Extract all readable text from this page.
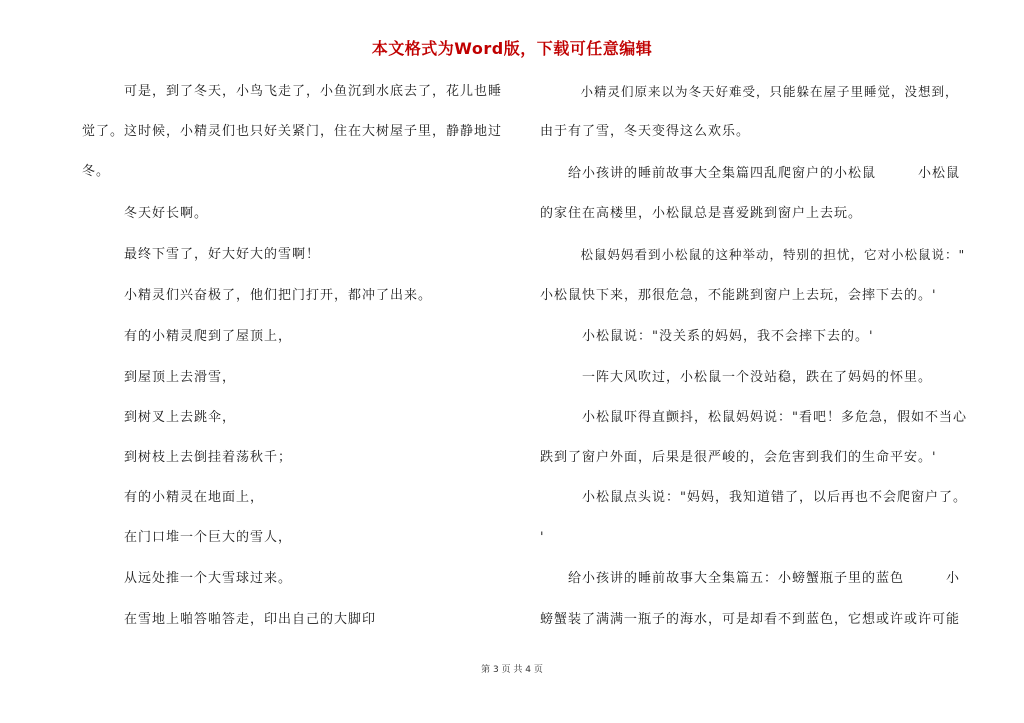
本文格式为Word版，下载可任意编辑
　　　可是，到了冬天，小鸟飞走了，小鱼沉到水底去了，花儿也睡
觉了。这时候，小精灵们也只好关紧门，住在大树屋子里，静静地过
冬。
　　　冬天好长啊。
　　　最终下雪了，好大好大的雪啊！
　　　小精灵们兴奋极了，他们把门打开，都冲了出来。
　　　有的小精灵爬到了屋顶上，
　　　到屋顶上去滑雪，
　　　到树叉上去跳伞，
　　　到树枝上去倒挂着荡秋千；
　　　有的小精灵在地面上，
　　　在门口堆一个巨大的雪人，
　　　从远处推一个大雪球过来。
　　　在雪地上啪答啪答走，印出自己的大脚印
　　　小精灵们原来以为冬天好难受，只能躲在屋子里睡觉，没想到，
由于有了雪，冬天变得这么欢乐。
　　给小孩讲的睡前故事大全集篇四乱爬窗户的小松鼠　　　小松鼠
的家住在高楼里，小松鼠总是喜爱跳到窗户上去玩。
　　　松鼠妈妈看到小松鼠的这种举动，特别的担忧，它对小松鼠说："
小松鼠快下来，那很危急，不能跳到窗户上去玩，会摔下去的。'
　　　小松鼠说："没关系的妈妈，我不会摔下去的。'
　　　一阵大风吹过，小松鼠一个没站稳，跌在了妈妈的怀里。
　　　小松鼠吓得直颤抖，松鼠妈妈说："看吧！多危急，假如不当心
跌到了窗户外面，后果是很严峻的，会危害到我们的生命平安。'
　　　小松鼠点头说："妈妈，我知道错了，以后再也不会爬窗户了。
'
　　给小孩讲的睡前故事大全集篇五：小螃蟹瓶子里的蓝色　　　小
螃蟹装了满满一瓶子的海水，可是却看不到蓝色，它想或许或许可能
第 3 页 共 4 页
